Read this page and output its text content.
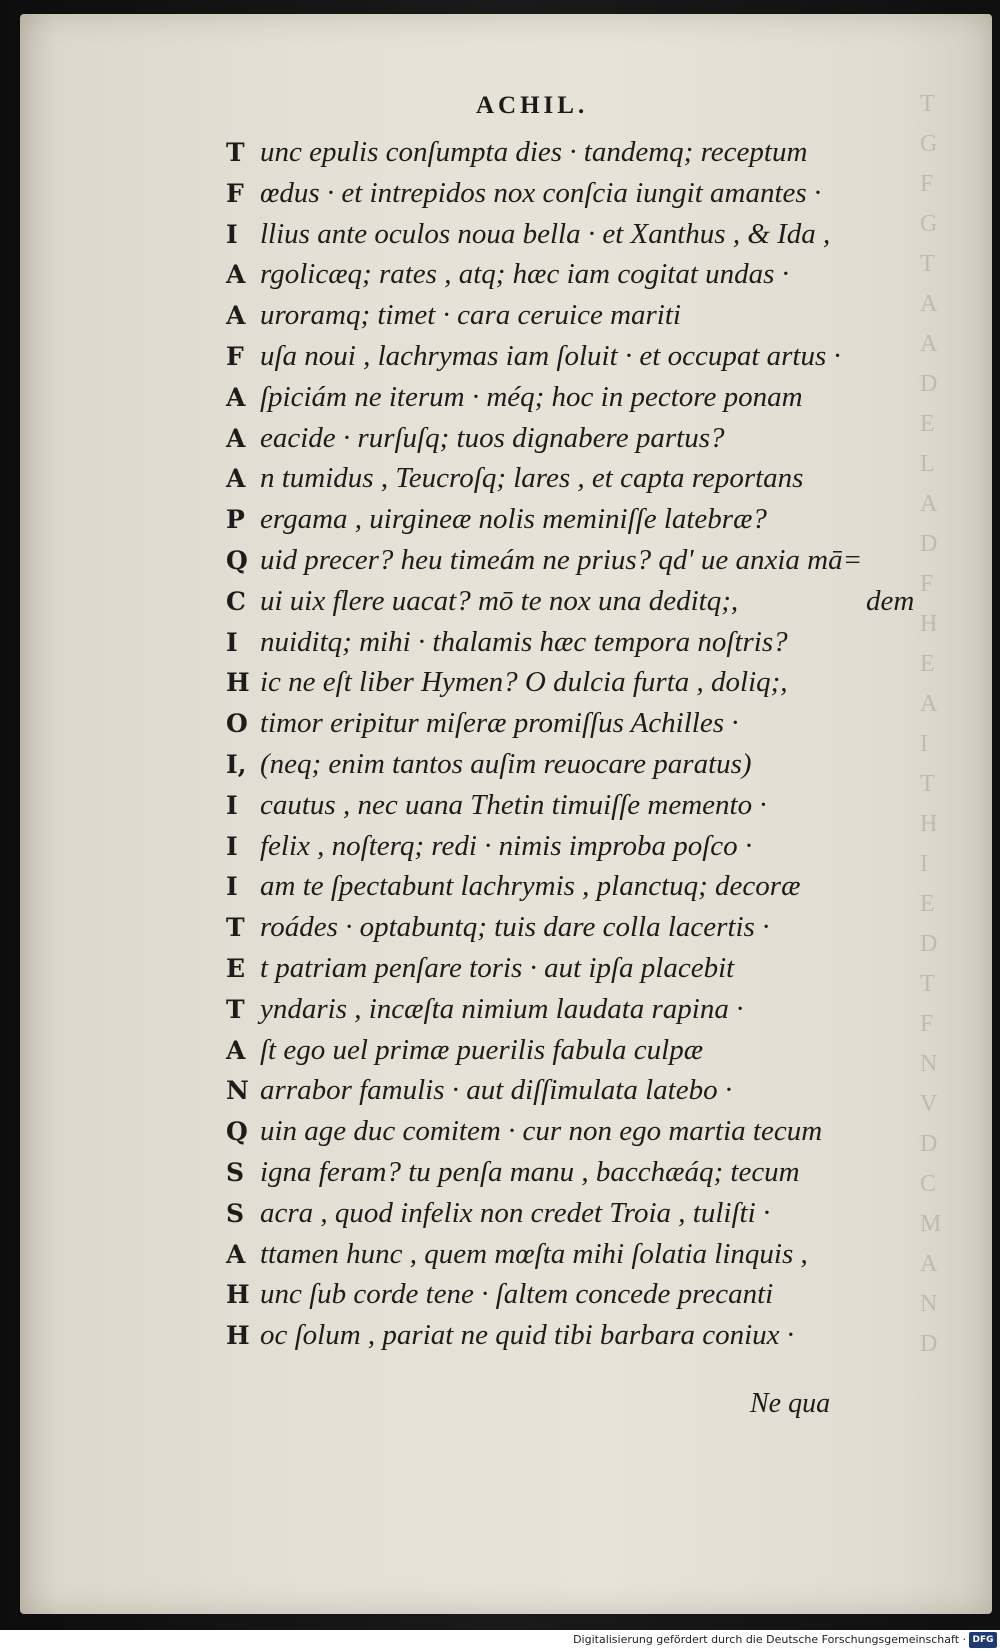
T
G
F
G
T
A
A
D
E
L
A
D
F
H
E
A
I
T
H
I
E
D
T
F
N
V
D
C
M
A
N
D
ACHIL.
T unc epulis conſumpta dies · tandemq; receptum
F œdus · et intrepidos nox conſcia iungit amantes ·
I llius ante oculos noua bella · et Xanthus , & Ida ,
A rgolicæq; rates , atq; hæc iam cogitat undas ·
A uroramq; timet · cara ceruice mariti
F uſa noui , lachrymas iam ſoluit · et occupat artus ·
A ſpiciám ne iterum · méq; hoc in pectore ponam
A eacide · rurſuſq; tuos dignabere partus?
A n tumidus , Teucroſq; lares , et capta reportans
P ergama , uirgineæ nolis meminiſſe latebræ?
Q uid precer? heu timeám ne prius? qd' ue anxia mā=
C ui uix flere uacat? mō te nox una deditq;,	dem
I nuiditq; mihi · thalamis hæc tempora noſtris?
H ic ne eſt liber Hymen? O dulcia furta , doliq;,
O timor eripitur miſeræ promiſſus Achilles ·
I, (neq; enim tantos auſim reuocare paratus)
I cautus , nec uana Thetin timuiſſe memento ·
I felix , noſterq; redi · nimis improba poſco ·
I am te ſpectabunt lachrymis , planctuq; decoræ
T roádes · optabuntq; tuis dare colla lacertis ·
E t patriam penſare toris · aut ipſa placebit
T yndaris , incæſta nimium laudata rapina ·
A ſt ego uel primæ puerilis fabula culpæ
N arrabor famulis · aut diſſimulata latebo ·
Q uin age duc comitem · cur non ego martia tecum
S igna feram? tu penſa manu , bacchæáq; tecum
S acra , quod infelix non credet Troia , tuliſti ·
A ttamen hunc , quem mœſta mihi ſolatia linquis ,
H unc ſub corde tene · ſaltem concede precanti
H oc ſolum , pariat ne quid tibi barbara coniux ·
Ne qua
Digitalisierung gefördert durch die Deutsche Forschungsgemeinschaft · DFG
